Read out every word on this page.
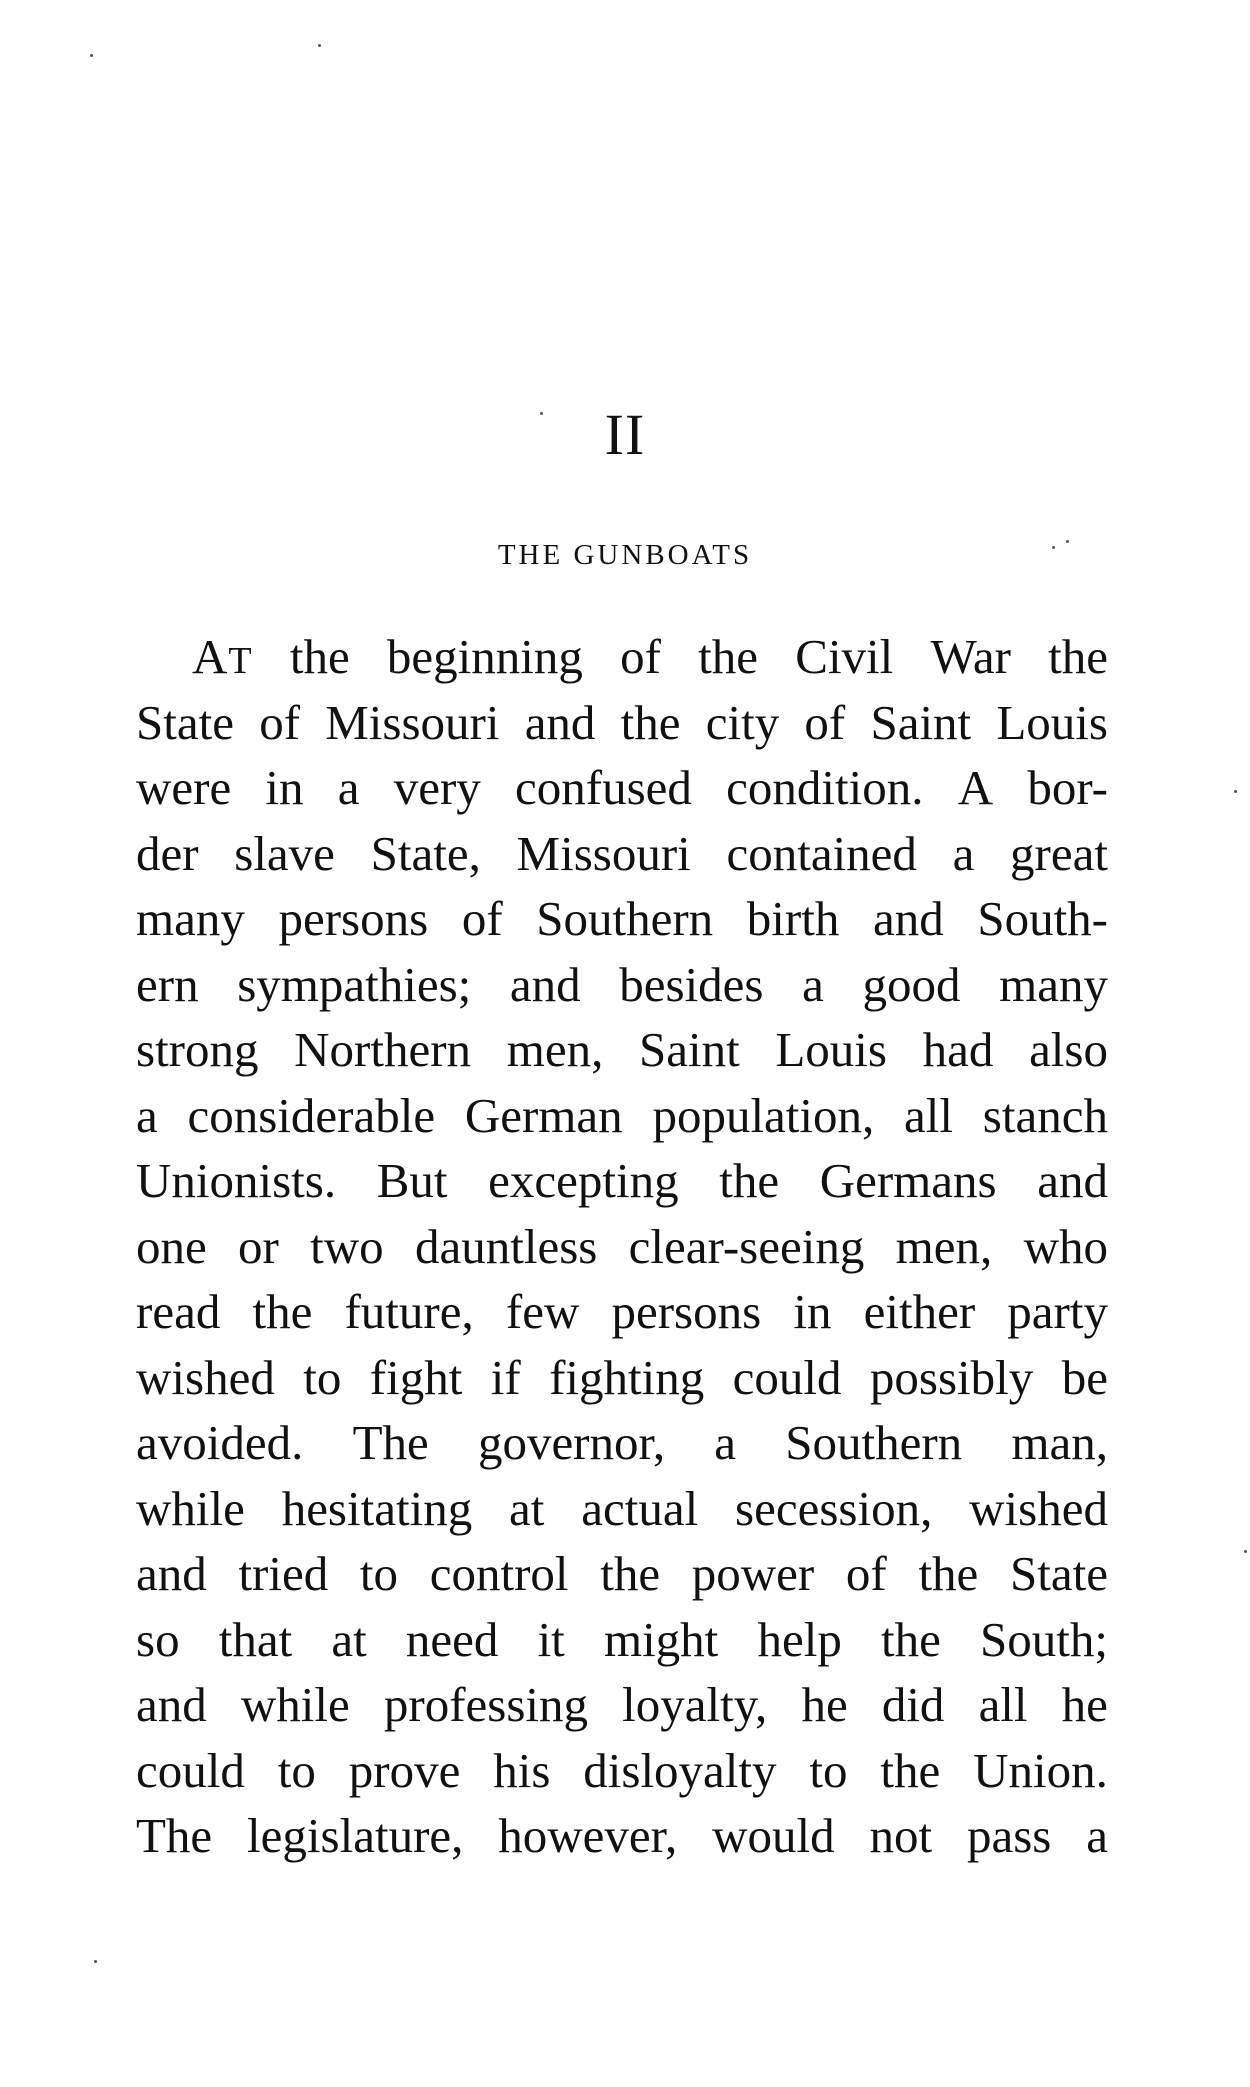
II
THE GUNBOATS
AT the beginning of the Civil War the
State of Missouri and the city of Saint Louis
were in a very confused condition. A bor-
der slave State, Missouri contained a great
many persons of Southern birth and South-
ern sympathies; and besides a good many
strong Northern men, Saint Louis had also
a considerable German population, all stanch
Unionists. But excepting the Germans and
one or two dauntless clear-seeing men, who
read the future, few persons in either party
wished to fight if fighting could possibly be
avoided. The governor, a Southern man,
while hesitating at actual secession, wished
and tried to control the power of the State
so that at need it might help the South;
and while professing loyalty, he did all he
could to prove his disloyalty to the Union.
The legislature, however, would not pass a
